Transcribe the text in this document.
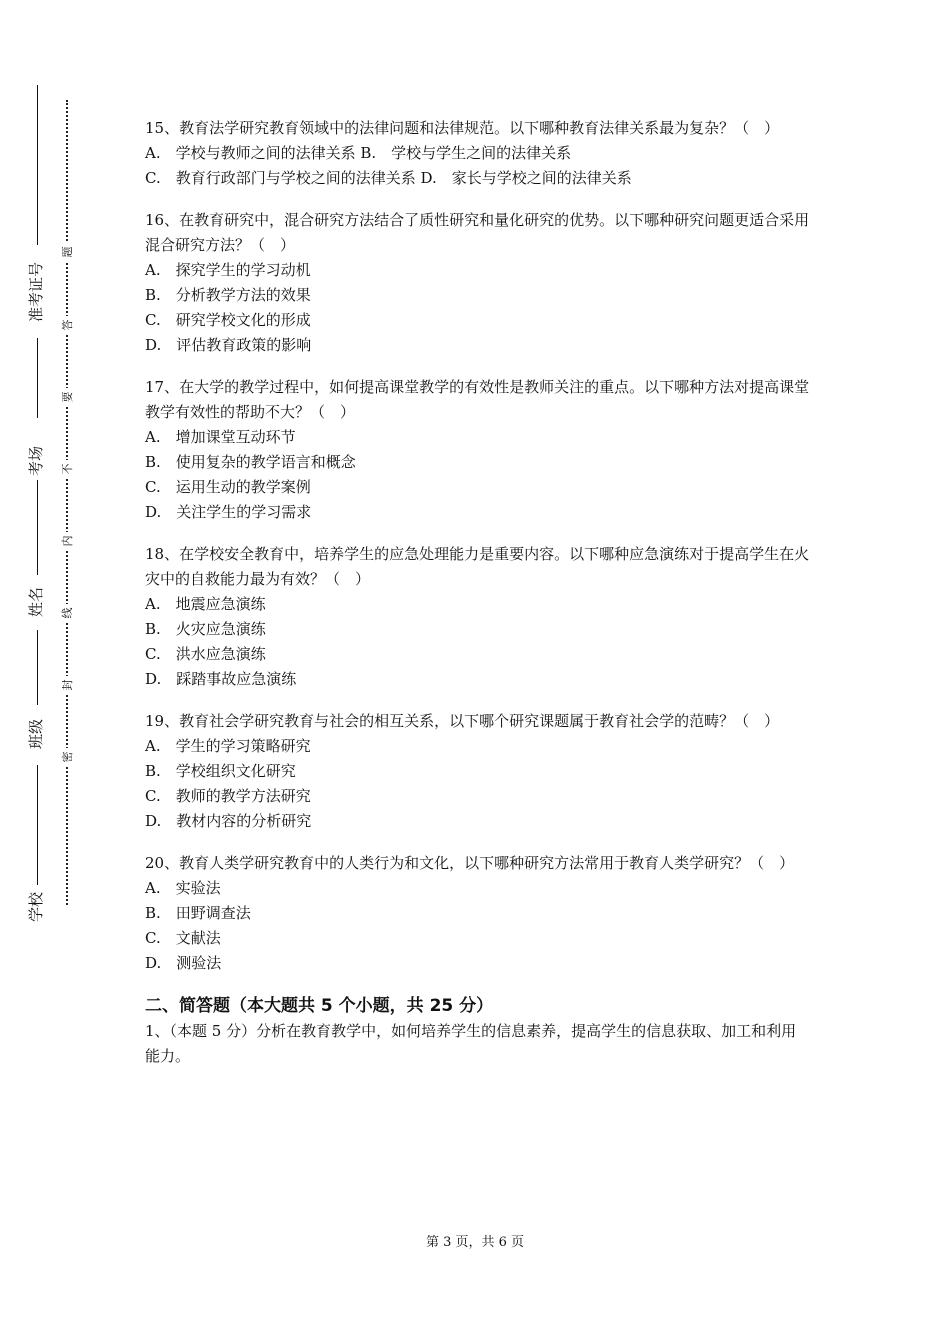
准考证号
考场
姓名
班级
学校
题
答
要
不
内
线
封
密

15、教育法学研究教育领域中的法律问题和法律规范。以下哪种教育法律关系最为复杂？（　）

A.　学校与教师之间的法律关系 B.　学校与学生之间的法律关系

C.　教育行政部门与学校之间的法律关系 D.　家长与学校之间的法律关系

16、在教育研究中，混合研究方法结合了质性研究和量化研究的优势。以下哪种研究问题更适合采用混合研究方法？（　）

A.　探究学生的学习动机

B.　分析教学方法的效果

C.　研究学校文化的形成

D.　评估教育政策的影响

17、在大学的教学过程中，如何提高课堂教学的有效性是教师关注的重点。以下哪种方法对提高课堂教学有效性的帮助不大？（　）

A.　增加课堂互动环节

B.　使用复杂的教学语言和概念

C.　运用生动的教学案例

D.　关注学生的学习需求

18、在学校安全教育中，培养学生的应急处理能力是重要内容。以下哪种应急演练对于提高学生在火灾中的自救能力最为有效？（　）

A.　地震应急演练

B.　火灾应急演练

C.　洪水应急演练

D.　踩踏事故应急演练

19、教育社会学研究教育与社会的相互关系，以下哪个研究课题属于教育社会学的范畴？（　）

A.　学生的学习策略研究

B.　学校组织文化研究

C.　教师的教学方法研究

D.　教材内容的分析研究

20、教育人类学研究教育中的人类行为和文化，以下哪种研究方法常用于教育人类学研究？（　）

A.　实验法

B.　田野调查法

C.　文献法

D.　测验法

二、简答题（本大题共 5 个小题，共 25 分）

1、（本题 5 分）分析在教育教学中，如何培养学生的信息素养，提高学生的信息获取、加工和利用能力。

第 3 页，共 6 页
